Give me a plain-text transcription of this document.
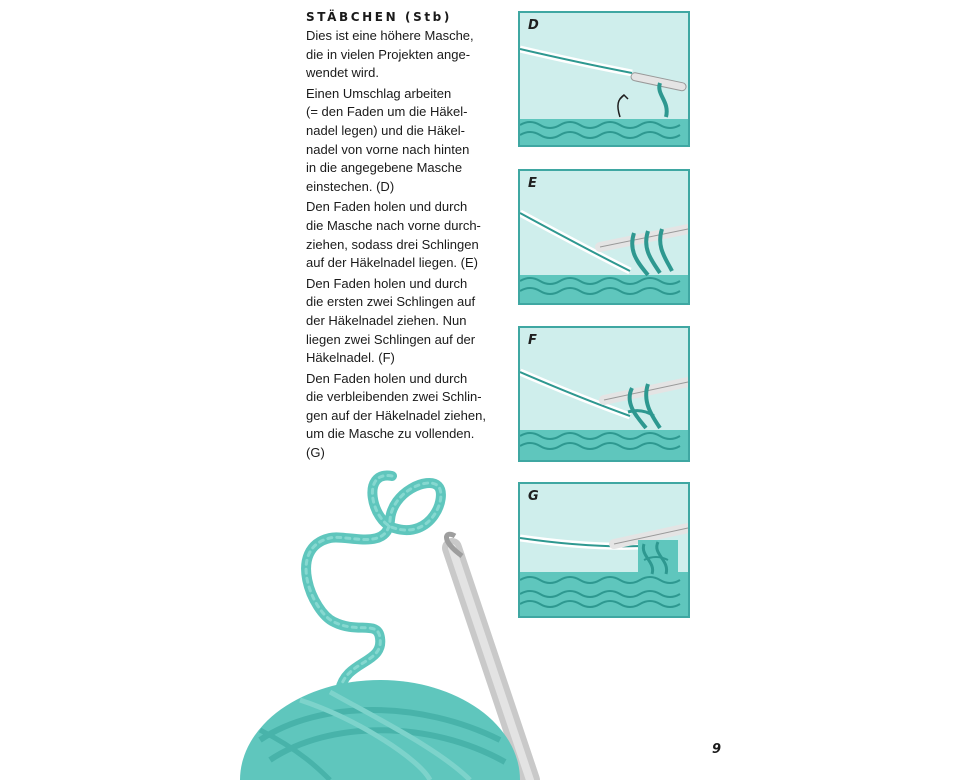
STÄBCHEN (Stb)

Dies ist eine höhere Masche,
die in vielen Projekten ange-
wendet wird.

Einen Umschlag arbeiten
(= den Faden um die Häkel-
nadel legen) und die Häkel-
nadel von vorne nach hinten
in die angegebene Masche
einstechen. (D)

Den Faden holen und durch
die Masche nach vorne durch-
ziehen, sodass drei Schlingen
auf der Häkelnadel liegen. (E)

Den Faden holen und durch
die ersten zwei Schlingen auf
der Häkelnadel ziehen. Nun
liegen zwei Schlingen auf der
Häkelnadel. (F)

Den Faden holen und durch
die verbleibenden zwei Schlin-
gen auf der Häkelnadel ziehen,
um die Masche zu vollenden.
(G)

D
E
F
G
9
